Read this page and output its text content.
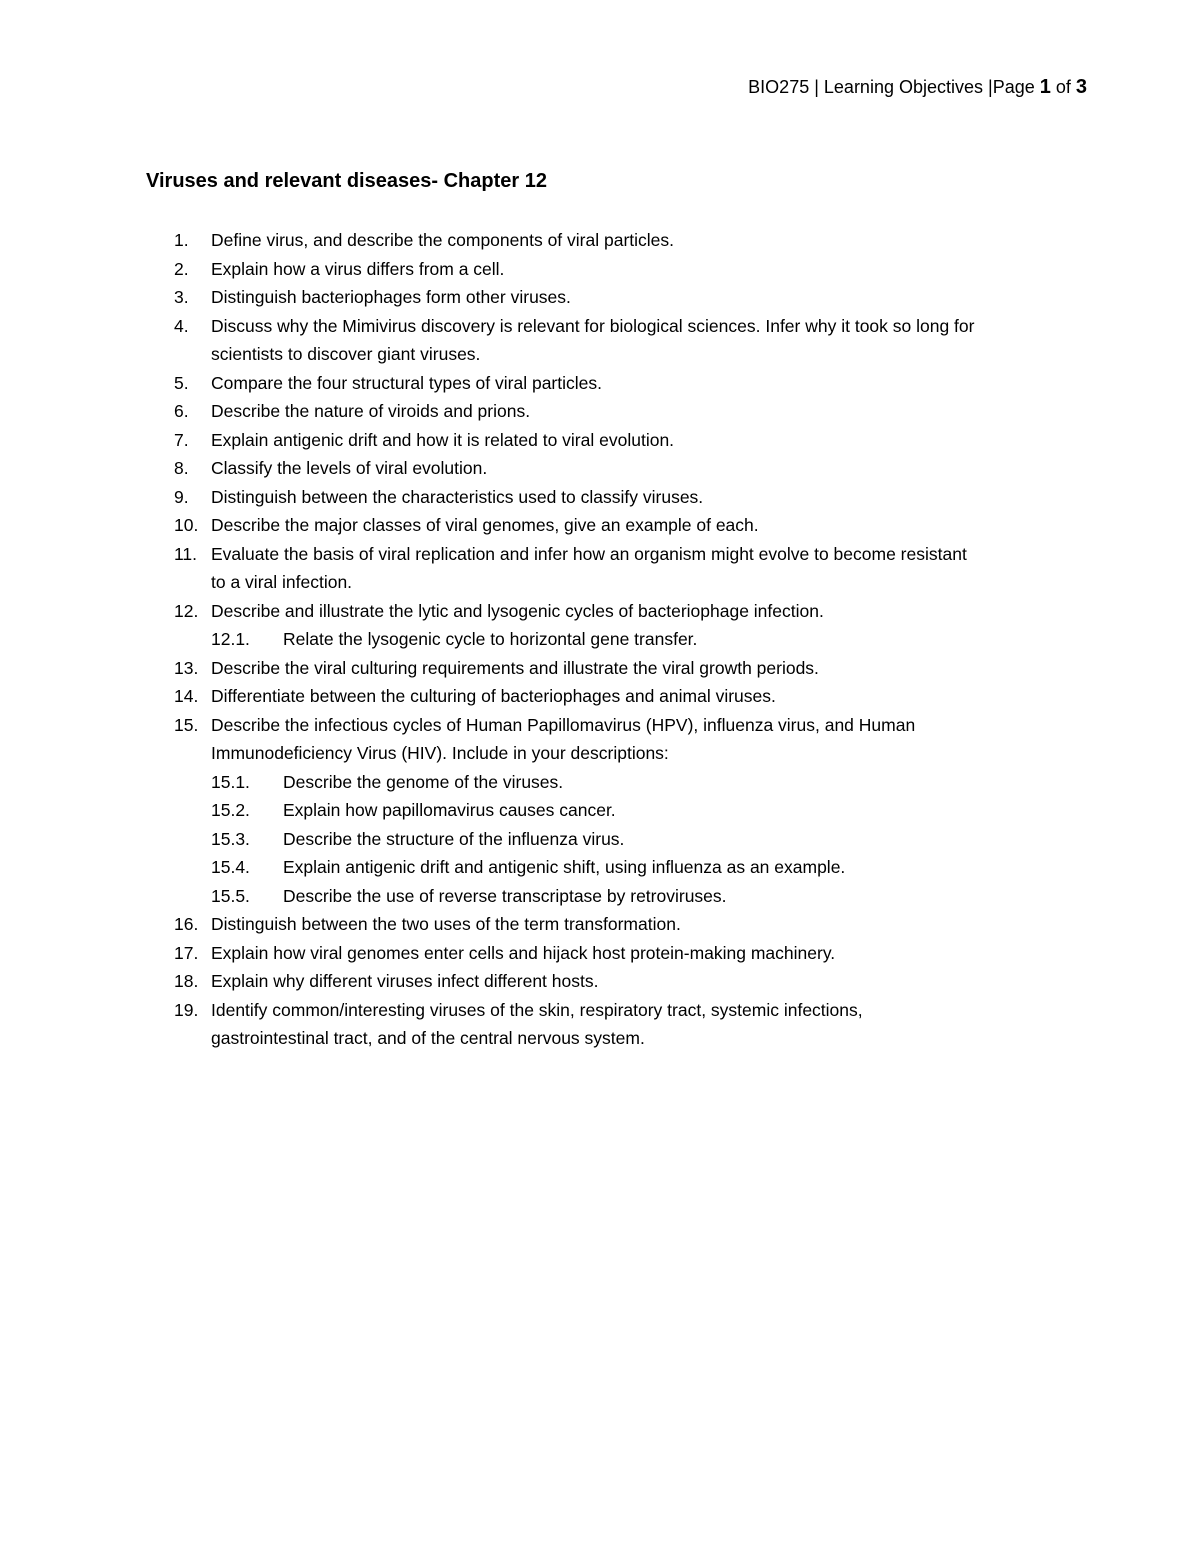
BIO275 | Learning Objectives |Page 1 of 3
Viruses and relevant diseases- Chapter 12
1. Define virus, and describe the components of viral particles.
2. Explain how a virus differs from a cell.
3. Distinguish bacteriophages form other viruses.
4. Discuss why the Mimivirus discovery is relevant for biological sciences. Infer why it took so long for
scientists to discover giant viruses.
5. Compare the four structural types of viral particles.
6. Describe the nature of viroids and prions.
7. Explain antigenic drift and how it is related to viral evolution.
8. Classify the levels of viral evolution.
9. Distinguish between the characteristics used to classify viruses.
10. Describe the major classes of viral genomes, give an example of each.
11. Evaluate the basis of viral replication and infer how an organism might evolve to become resistant
to a viral infection.
12. Describe and illustrate the lytic and lysogenic cycles of bacteriophage infection.
12.1. Relate the lysogenic cycle to horizontal gene transfer.
13. Describe the viral culturing requirements and illustrate the viral growth periods.
14. Differentiate between the culturing of bacteriophages and animal viruses.
15. Describe the infectious cycles of Human Papillomavirus (HPV), influenza virus, and Human
Immunodeficiency Virus (HIV). Include in your descriptions:
15.1. Describe the genome of the viruses.
15.2. Explain how papillomavirus causes cancer.
15.3. Describe the structure of the influenza virus.
15.4. Explain antigenic drift and antigenic shift, using influenza as an example.
15.5. Describe the use of reverse transcriptase by retroviruses.
16. Distinguish between the two uses of the term transformation.
17. Explain how viral genomes enter cells and hijack host protein-making machinery.
18. Explain why different viruses infect different hosts.
19. Identify common/interesting viruses of the skin, respiratory tract, systemic infections,
gastrointestinal tract, and of the central nervous system.
